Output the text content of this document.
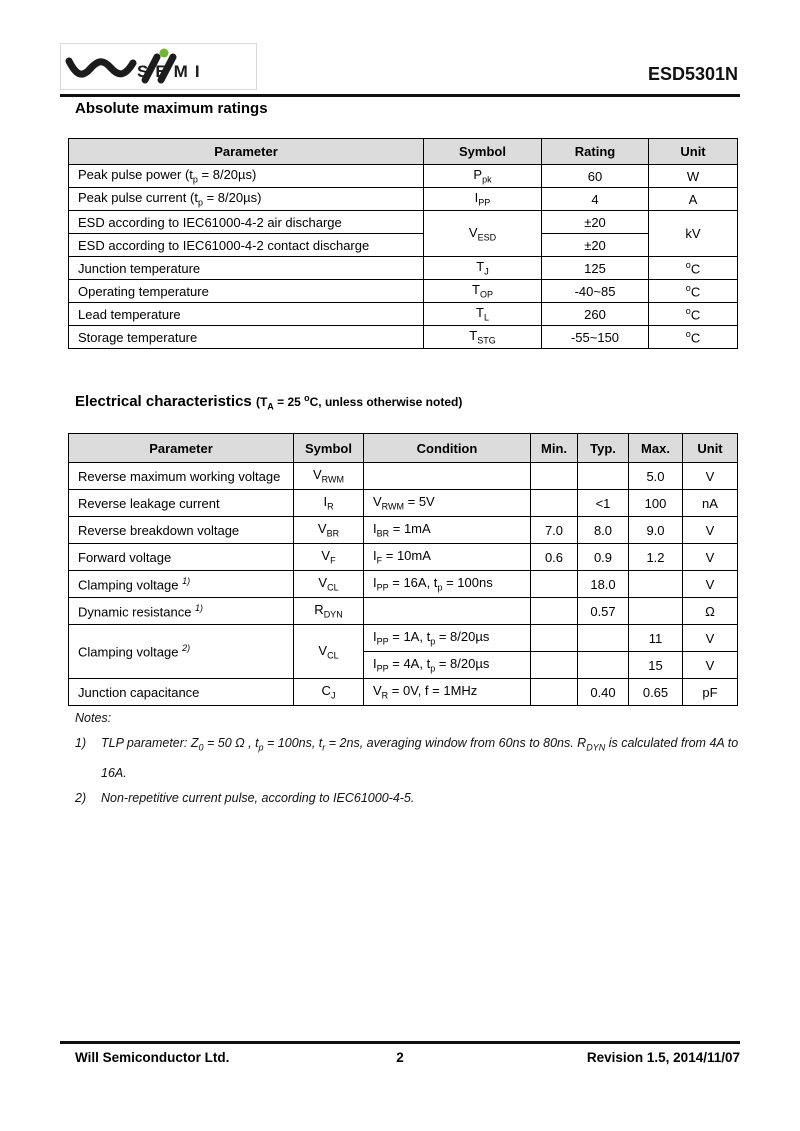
SEMI	ESD5301N
Absolute maximum ratings
Parameter	Symbol	Rating	Unit
Peak pulse power $(t_p = 8/20\mu s)$	$P_{pk}$	60	W
Peak pulse current $(t_p = 8/20\mu s)$	$I_{PP}$	4	A
ESD according to IEC61000-4-2 air discharge	$V_{ESD}$	±20	kV
ESD according to IEC61000-4-2 contact discharge		±20	
Junction temperature	$T_J$	125	$^o$C
Operating temperature	$T_{OP}$	-40~85	$^o$C
Lead temperature	$T_L$	260	$^o$C
Storage temperature	$T_{STG}$	-55~150	$^o$C
Electrical characteristics ($T_A = 25$ $^o$C, unless otherwise noted)
Parameter	Symbol	Condition	Min.	Typ.	Max.	Unit
Reverse maximum working voltage	$V_{RWM}$				5.0	V
Reverse leakage current	$I_R$	$V_{RWM} = 5V$		<1	100	nA
Reverse breakdown voltage	$V_{BR}$	$I_{BR} = 1mA$	7.0	8.0	9.0	V
Forward voltage	$V_F$	$I_F = 10mA$	0.6	0.9	1.2	V
Clamping voltage $^{1)}$	$V_{CL}$	$I_{PP} = 16A$, $t_p = 100ns$		18.0		V
Dynamic resistance $^{1)}$	$R_{DYN}$			0.57		Ω
Clamping voltage $^{2)}$	$V_{CL}$	$I_{PP} = 1A$, $t_p = 8/20\mu s$			11	V
		$I_{PP} = 4A$, $t_p = 8/20\mu s$			15	V
Junction capacitance	$C_J$	$V_R = 0V$, f = 1MHz		0.40	0.65	pF
Notes:
1)	TLP parameter: $Z_0 = 50$ Ω , $t_p = 100ns$, $t_r = 2ns$, averaging window from 60ns to 80ns. $R_{DYN}$ is calculated from 4A to 16A.
2)	Non-repetitive current pulse, according to IEC61000-4-5.
Will Semiconductor Ltd.	2	Revision 1.5, 2014/11/07
